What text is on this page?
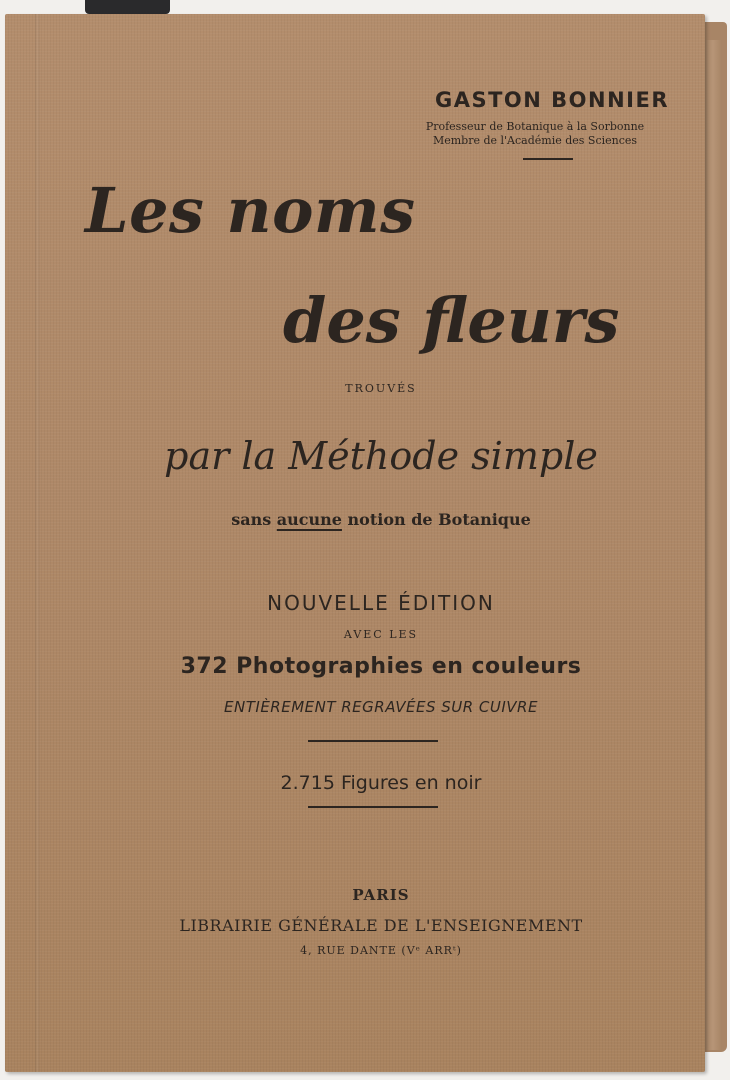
GASTON BONNIER
Professeur de Botanique à la Sorbonne
Membre de l'Académie des Sciences
Les noms
des fleurs
TROUVÉS
par la Méthode simple
sans aucune notion de Botanique
NOUVELLE ÉDITION
AVEC LES
372 Photographies en couleurs
ENTIÈREMENT REGRAVÉES SUR CUIVRE
2.715 Figures en noir
PARIS
LIBRAIRIE GÉNÉRALE DE L'ENSEIGNEMENT
4, RUE DANTE (Vᵉ ARRᵗ)
